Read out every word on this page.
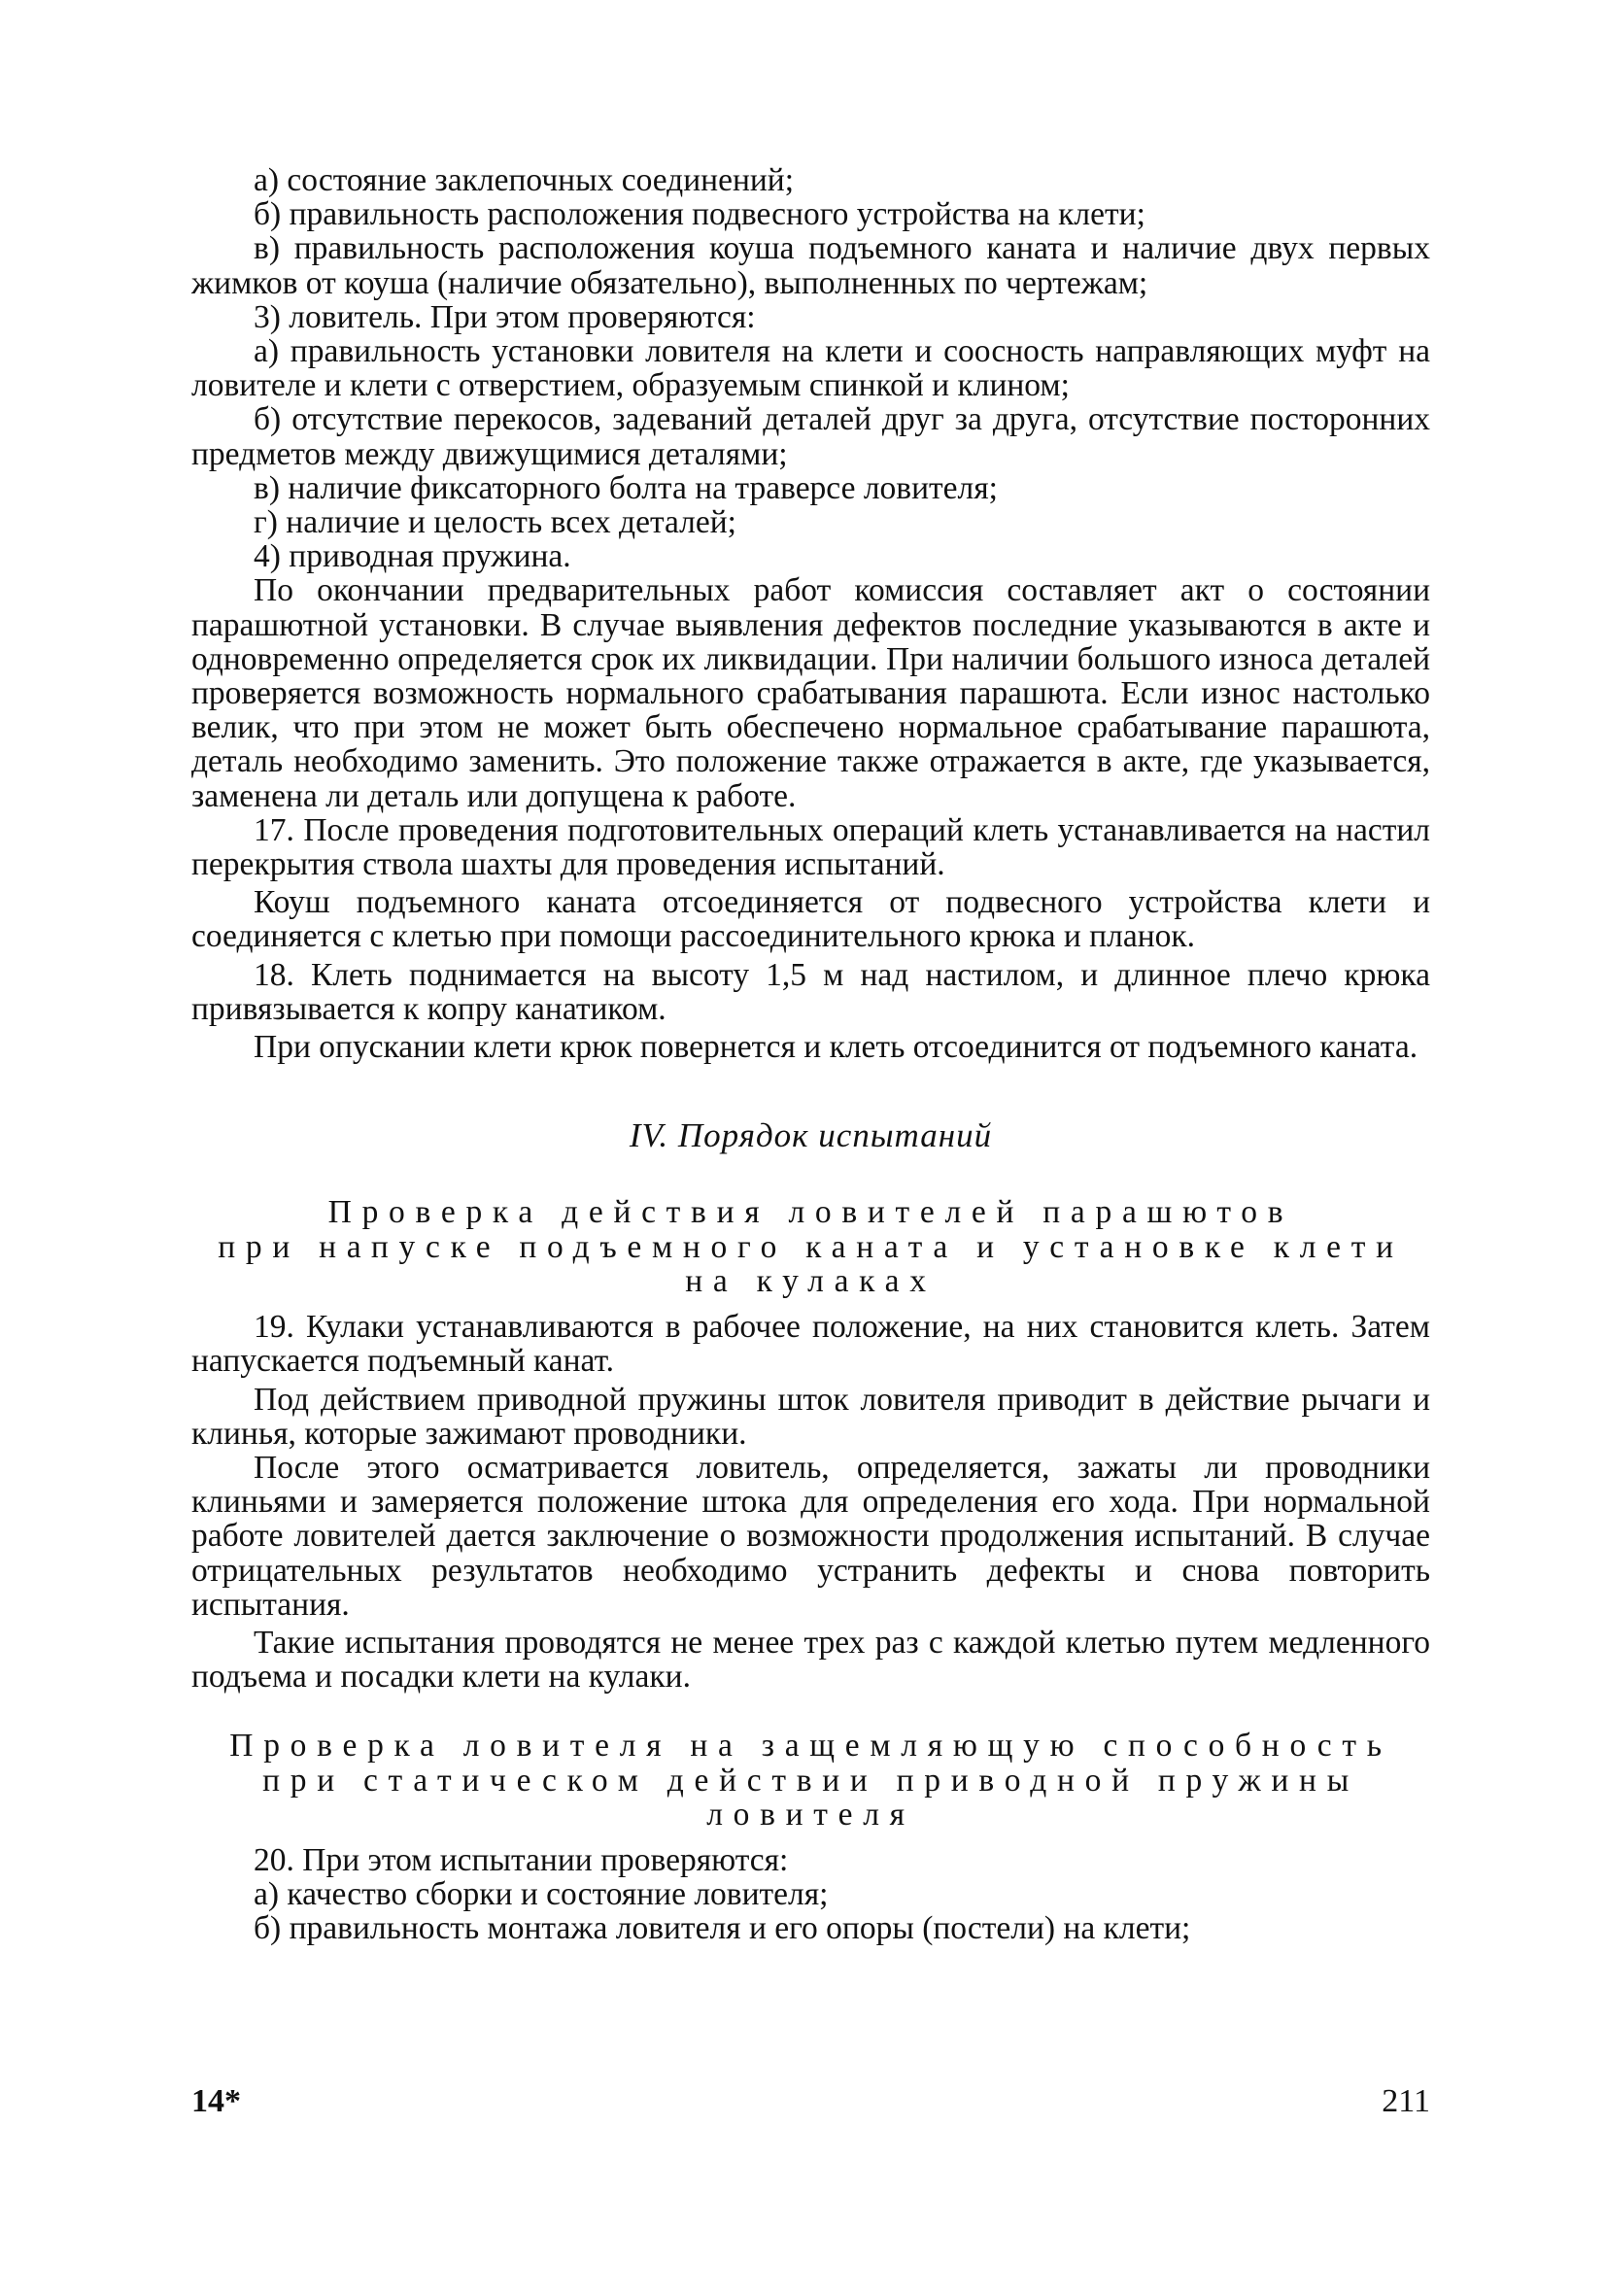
а) состояние заклепочных соединений;

б) правильность расположения подвесного устройства на клети;

в) правильность расположения коуша подъемного каната и наличие двух первых жимков от коуша (наличие обязательно), выполненных по чертежам;

3) ловитель. При этом проверяются:

а) правильность установки ловителя на клети и соосность направляющих муфт на ловителе и клети с отверстием, образуемым спинкой и клином;

б) отсутствие перекосов, задеваний деталей друг за друга, отсутствие посторонних предметов между движущимися деталями;

в) наличие фиксаторного болта на траверсе ловителя;

г) наличие и целость всех деталей;

4) приводная пружина.

По окончании предварительных работ комиссия составляет акт о состоянии парашютной установки. В случае выявления дефектов последние указываются в акте и одновременно определяется срок их ликвидации. При наличии большого износа деталей проверяется возможность нормального срабатывания парашюта. Если износ настолько велик, что при этом не может быть обеспечено нормальное срабатывание парашюта, деталь необходимо заменить. Это положение также отражается в акте, где указывается, заменена ли деталь или допущена к работе.

17. После проведения подготовительных операций клеть устанавливается на настил перекрытия ствола шахты для проведения испытаний.

Коуш подъемного каната отсоединяется от подвесного устройства клети и соединяется с клетью при помощи рассоединительного крюка и планок.

18. Клеть поднимается на высоту 1,5 м над настилом, и длинное плечо крюка привязывается к копру канатиком.

При опускании клети крюк повернется и клеть отсоединится от подъемного каната.

IV. Порядок испытаний
Проверка действия ловителей парашютов
при напуске подъемного каната и установке клети
на кулаках

19. Кулаки устанавливаются в рабочее положение, на них становится клеть. Затем напускается подъемный канат.

Под действием приводной пружины шток ловителя приводит в действие рычаги и клинья, которые зажимают проводники.

После этого осматривается ловитель, определяется, зажаты ли проводники клиньями и замеряется положение штока для определения его хода. При нормальной работе ловителей дается заключение о возможности продолжения испытаний. В случае отрицательных результатов необходимо устранить дефекты и снова повторить испытания.

Такие испытания проводятся не менее трех раз с каждой клетью путем медленного подъема и посадки клети на кулаки.

Проверка ловителя на защемляющую способность
при статическом действии приводной пружины
ловителя

20. При этом испытании проверяются:

а) качество сборки и состояние ловителя;

б) правильность монтажа ловителя и его опоры (постели) на клети;

14*	211
